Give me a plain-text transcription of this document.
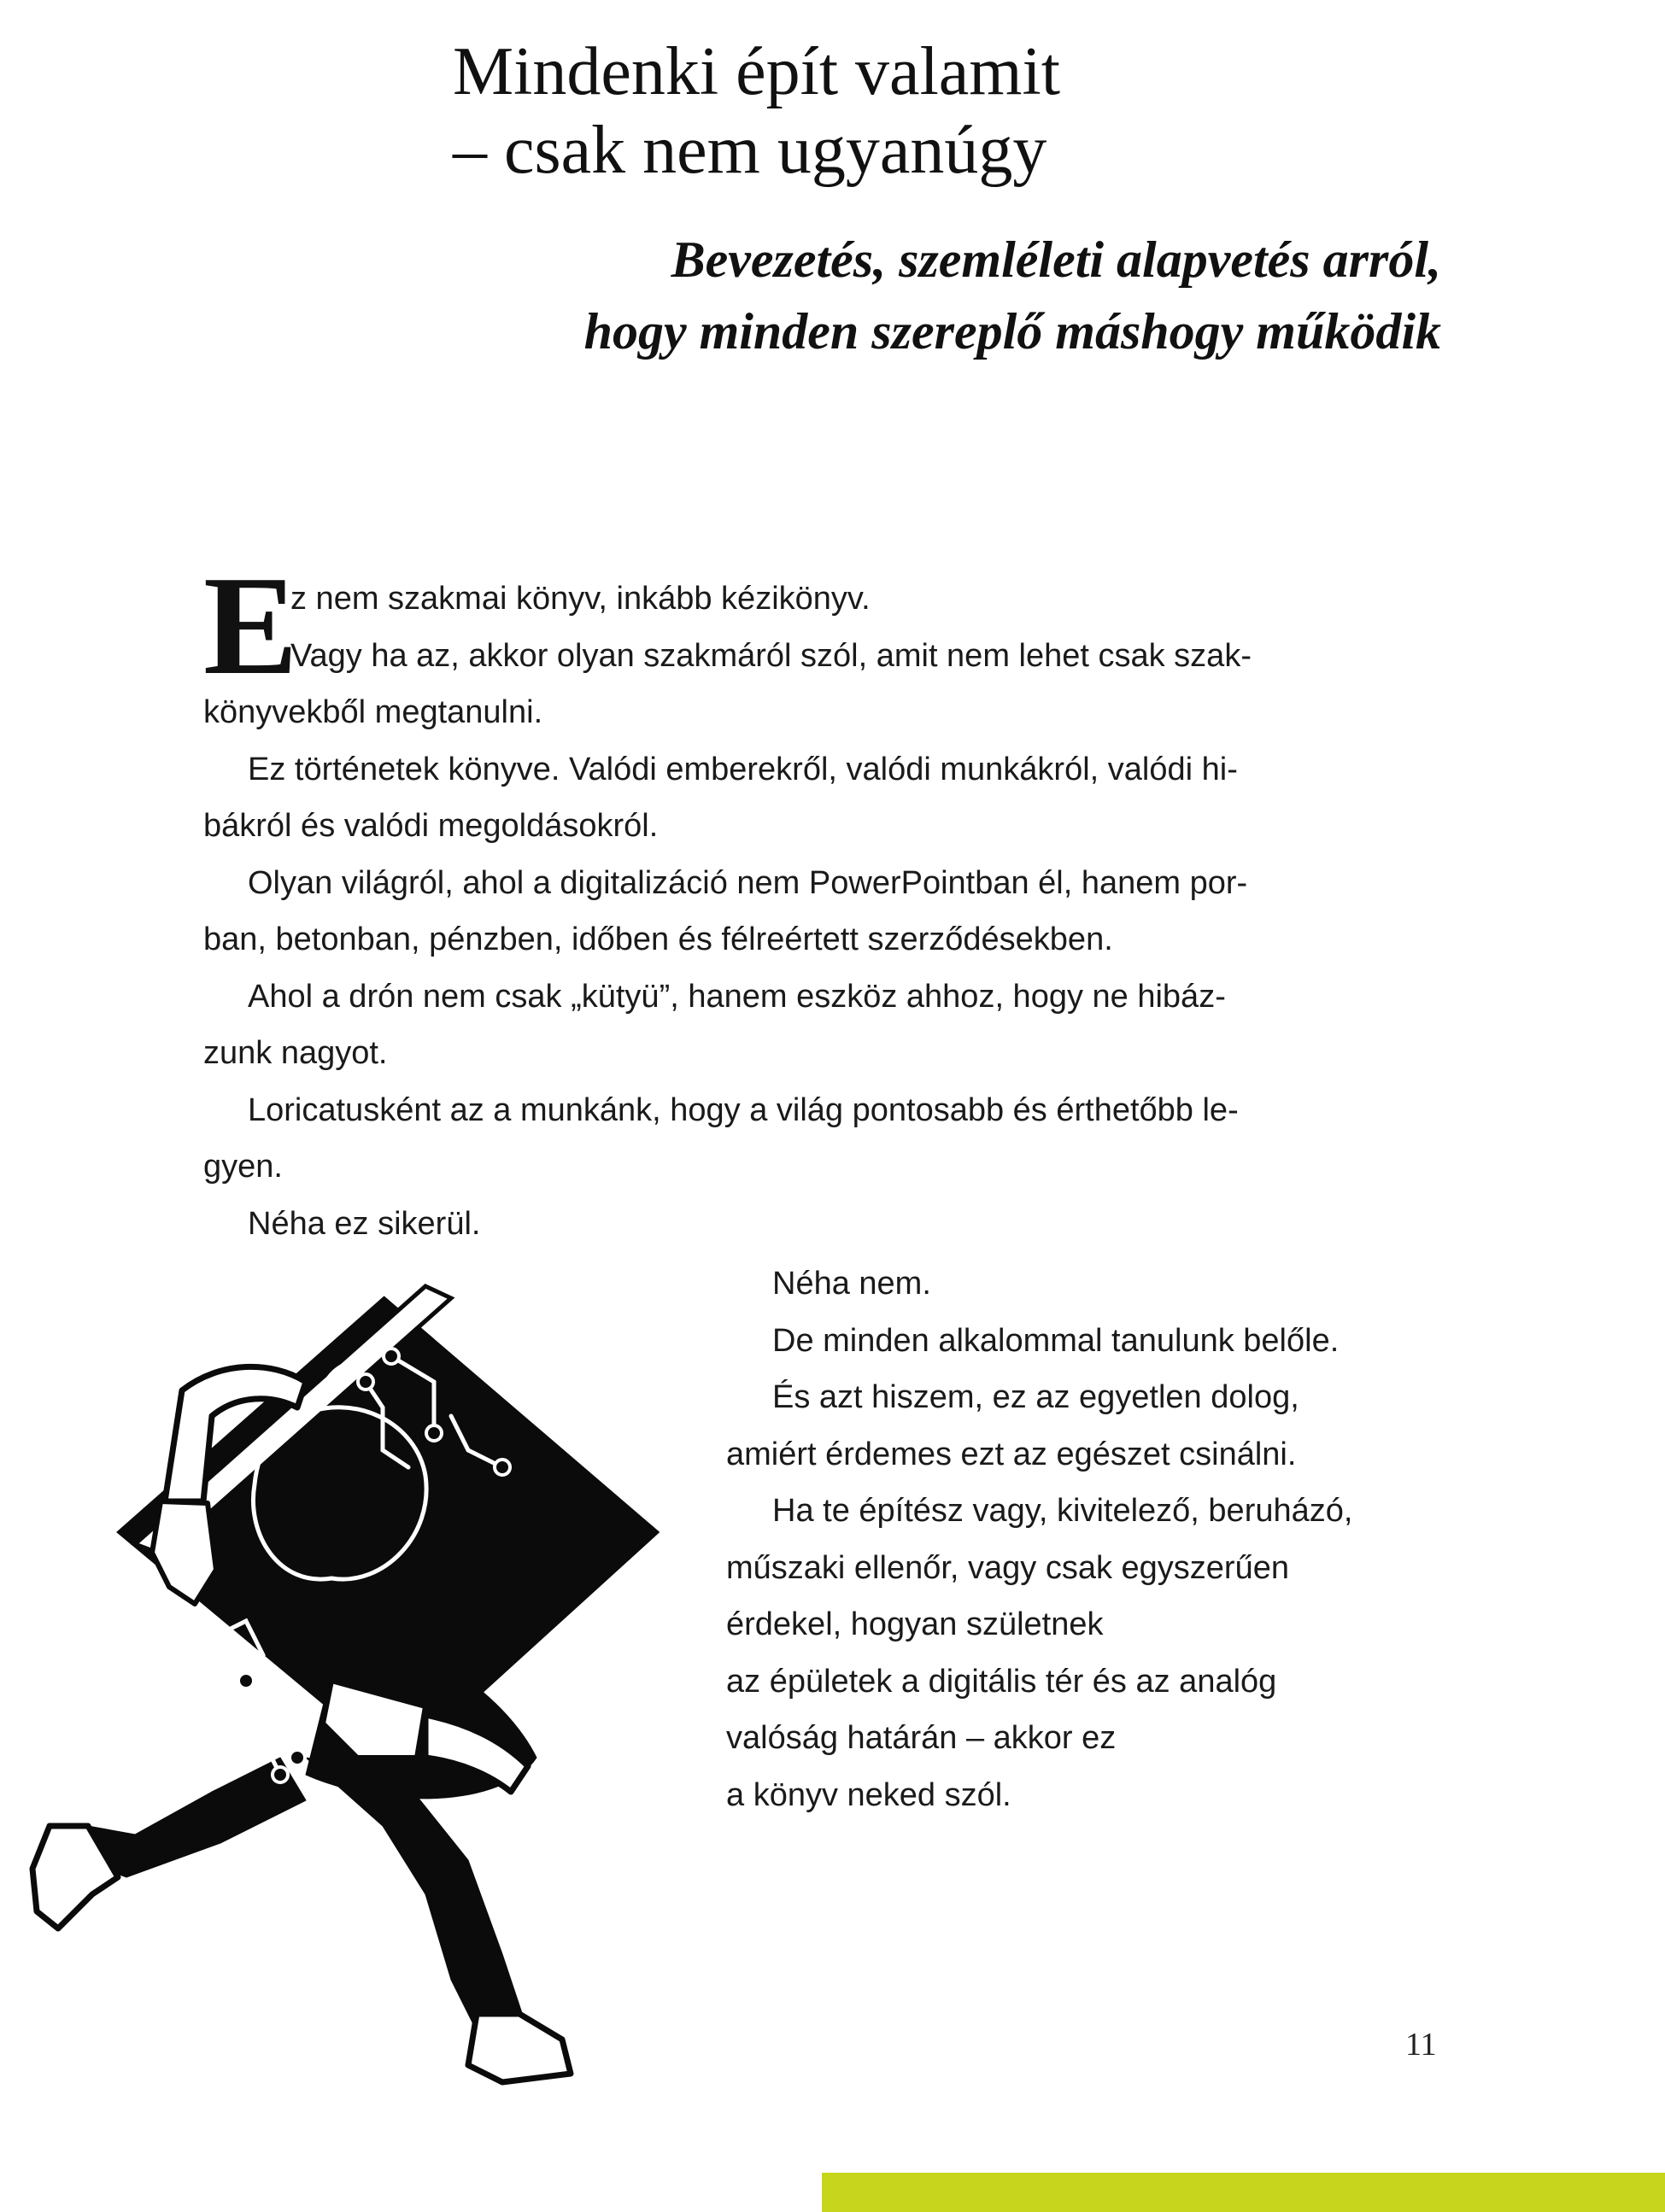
Mindenki épít valamit
– csak nem ugyanúgy
Bevezetés, szemléleti alapvetés arról,
hogy minden szereplő máshogy működik
E
z nem szakmai könyv, inkább kézikönyv.
Vagy ha az, akkor olyan szakmáról szól, amit nem lehet csak szak-
könyvekből megtanulni.
Ez történetek könyve. Valódi emberekről, valódi munkákról, valódi hi-
bákról és valódi megoldásokról.
Olyan világról, ahol a digitalizáció nem PowerPointban él, hanem por-
ban, betonban, pénzben, időben és félreértett szerződésekben.
Ahol a drón nem csak „kütyü”, hanem eszköz ahhoz, hogy ne hibáz-
zunk nagyot.
Loricatusként az a munkánk, hogy a világ pontosabb és érthetőbb le-
gyen.
Néha ez sikerül.
Néha nem.
De minden alkalommal tanulunk belőle.
És azt hiszem, ez az egyetlen dolog,
amiért érdemes ezt az egészet csinálni.
Ha te építész vagy, kivitelező, beruházó,
műszaki ellenőr, vagy csak egyszerűen
érdekel, hogyan születnek
az épületek a digitális tér és az analóg
valóság határán – akkor ez
a könyv neked szól.
11
